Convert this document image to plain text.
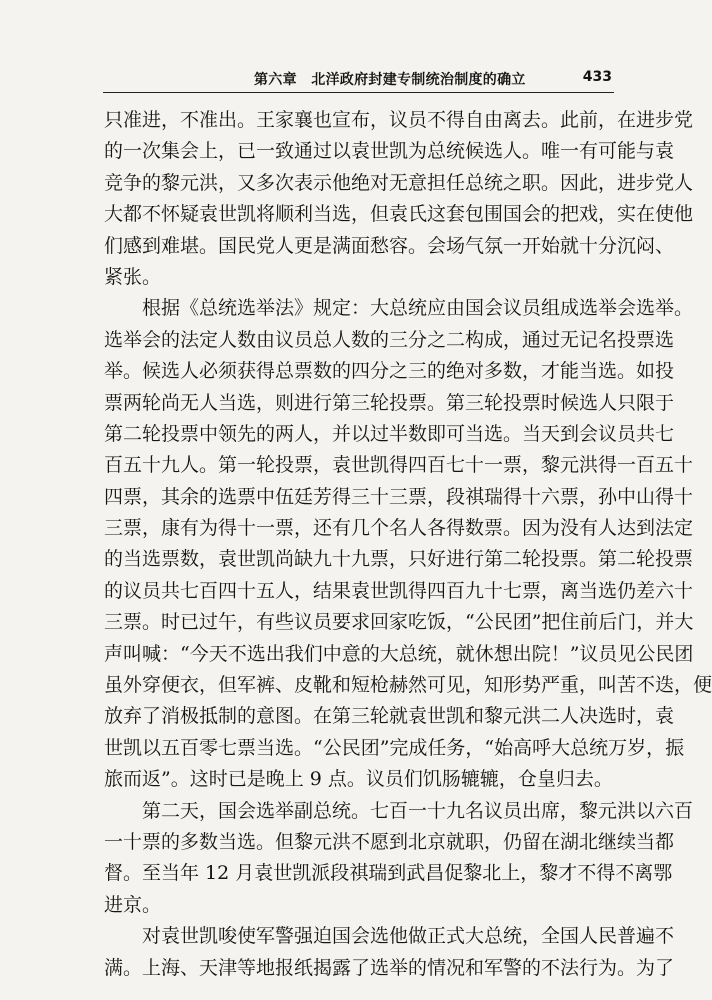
第六章　北洋政府封建专制统治制度的确立	433
只准进，不准出。王家襄也宣布，议员不得自由离去。此前，在进步党
的一次集会上，已一致通过以袁世凯为总统候选人。唯一有可能与袁
竞争的黎元洪，又多次表示他绝对无意担任总统之职。因此，进步党人
大都不怀疑袁世凯将顺利当选，但袁氏这套包围国会的把戏，实在使他
们感到难堪。国民党人更是满面愁容。会场气氛一开始就十分沉闷、
紧张。
根据《总统选举法》规定：大总统应由国会议员组成选举会选举。
选举会的法定人数由议员总人数的三分之二构成，通过无记名投票选
举。候选人必须获得总票数的四分之三的绝对多数，才能当选。如投
票两轮尚无人当选，则进行第三轮投票。第三轮投票时候选人只限于
第二轮投票中领先的两人，并以过半数即可当选。当天到会议员共七
百五十九人。第一轮投票，袁世凯得四百七十一票，黎元洪得一百五十
四票，其余的选票中伍廷芳得三十三票，段祺瑞得十六票，孙中山得十
三票，康有为得十一票，还有几个名人各得数票。因为没有人达到法定
的当选票数，袁世凯尚缺九十九票，只好进行第二轮投票。第二轮投票
的议员共七百四十五人，结果袁世凯得四百九十七票，离当选仍差六十
三票。时已过午，有些议员要求回家吃饭，“公民团”把住前后门，并大
声叫喊：“今天不选出我们中意的大总统，就休想出院！”议员见公民团
虽外穿便衣，但军裤、皮靴和短枪赫然可见，知形势严重，叫苦不迭，便
放弃了消极抵制的意图。在第三轮就袁世凯和黎元洪二人决选时，袁
世凯以五百零七票当选。“公民团”完成任务，“始高呼大总统万岁，振
旅而返”。这时已是晚上 9 点。议员们饥肠辘辘，仓皇归去。
第二天，国会选举副总统。七百一十九名议员出席，黎元洪以六百
一十票的多数当选。但黎元洪不愿到北京就职，仍留在湖北继续当都
督。至当年 12 月袁世凯派段祺瑞到武昌促黎北上，黎才不得不离鄂
进京。
对袁世凯唆使军警强迫国会选他做正式大总统，全国人民普遍不
满。上海、天津等地报纸揭露了选举的情况和军警的不法行为。为了
